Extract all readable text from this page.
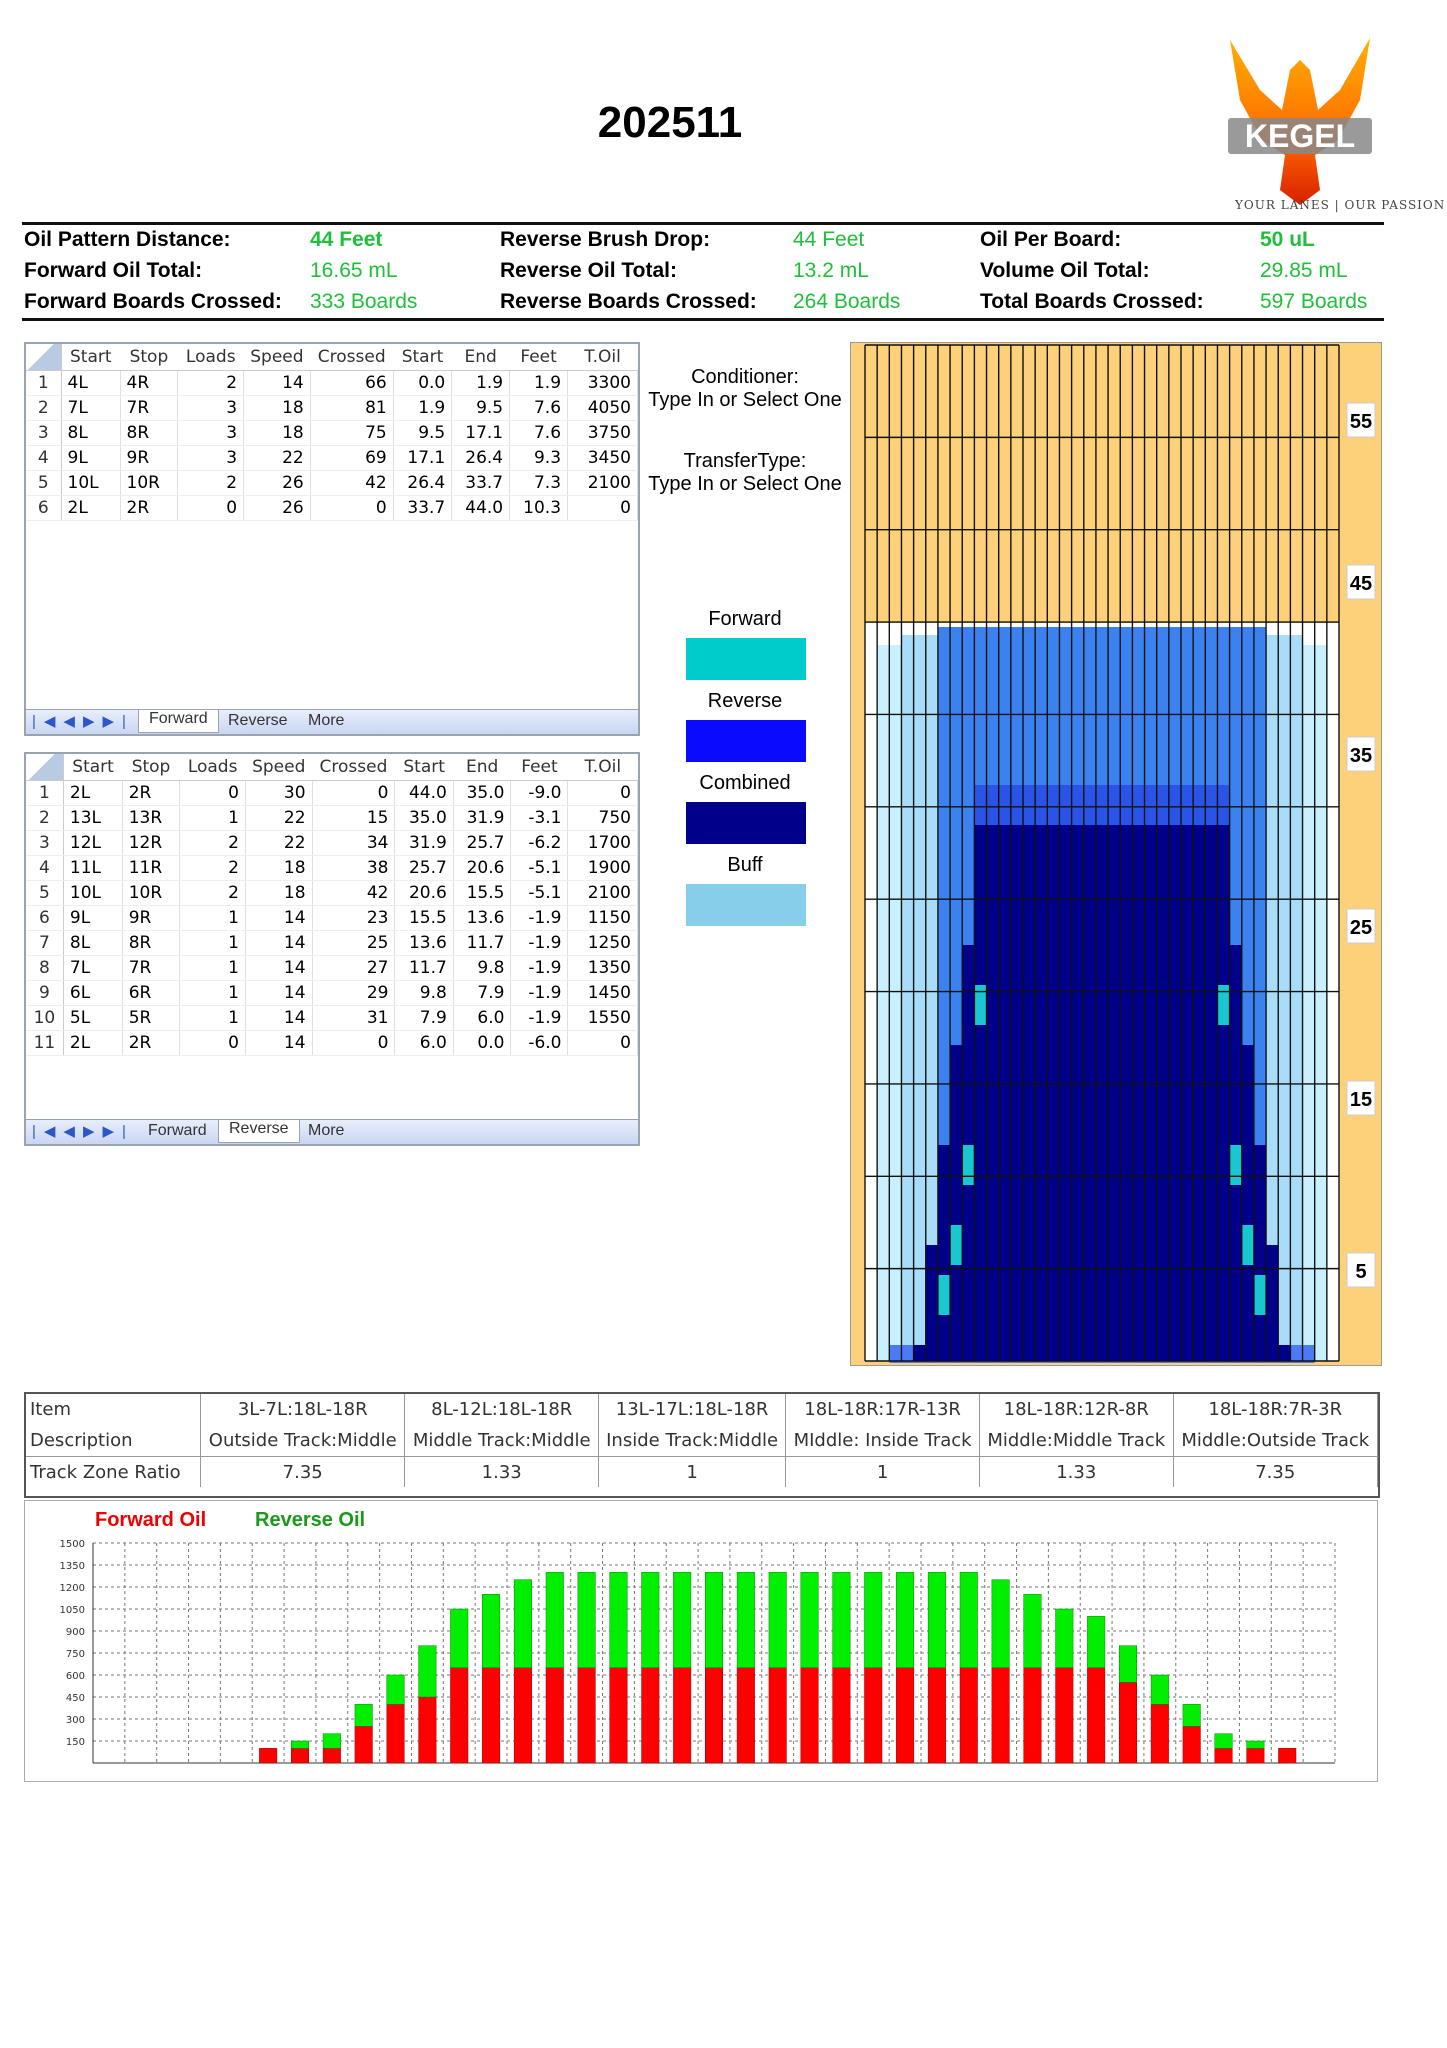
202511	KEGEL
YOUR LANES | OUR PASSION
Oil Pattern Distance:	44 Feet	Reverse Brush Drop:	44 Feet	Oil Per Board:	50 uL
Forward Oil Total:	16.65 mL	Reverse Oil Total:	13.2 mL	Volume Oil Total:	29.85 mL
Forward Boards Crossed: 333 Boards	Reverse Boards Crossed: 264 Boards	Total Boards Crossed:	597 Boards
	Start	Stop	Loads	Speed	Crossed	Start	End	Feet	T.Oil
1	4L	4R	2	14	66	0.0	1.9	1.9	3300
2	7L	7R	3	18	81	1.9	9.5	7.6	4050
3	8L	8R	3	18	75	9.5	17.1	7.6	3750
4	9L	9R	3	22	69	17.1	26.4	9.3	3450
5	10L	10R	2	26	42	26.4	33.7	7.3	2100
6	2L	2R	0	26	0	33.7	44.0	10.3	0
|◀◀▶▶| Forward	Reverse	More
	Start	Stop	Loads	Speed	Crossed	Start	End	Feet	T.Oil
1	2L	2R	0	30	0	44.0	35.0	-9.0	0
2	13L	13R	1	22	15	35.0	31.9	-3.1	750
3	12L	12R	2	22	34	31.9	25.7	-6.2	1700
4	11L	11R	2	18	38	25.7	20.6	-5.1	1900
5	10L	10R	2	18	42	20.6	15.5	-5.1	2100
6	9L	9R	1	14	23	15.5	13.6	-1.9	1150
7	8L	8R	1	14	25	13.6	11.7	-1.9	1250
8	7L	7R	1	14	27	11.7	9.8	-1.9	1350
9	6L	6R	1	14	29	9.8	7.9	-1.9	1450
10	5L	5R	1	14	31	7.9	6.0	-1.9	1550
11	2L	2R	0	14	0	6.0	0.0	-6.0	0
|◀◀▶▶| Forward	Reverse	More
Conditioner:
Type In or Select One
TransferType:
Type In or Select One
Forward
Reverse
Combined
Buff
55
45
35
25
15
5
Item	3L-7L:18L-18R	8L-12L:18L-18R	13L-17L:18L-18R	18L-18R:17R-13R	18L-18R:12R-8R	18L-18R:7R-3R
Description	Outside Track:Middle	Middle Track:Middle	Inside Track:Middle	MIddle: Inside Track	Middle:Middle Track	Middle:Outside Track
Track Zone Ratio	7.35	1.33	1	1	1.33	7.35
Forward Oil Reverse Oil
1500
1350
1200
1050
900
750
600
450
300
150
